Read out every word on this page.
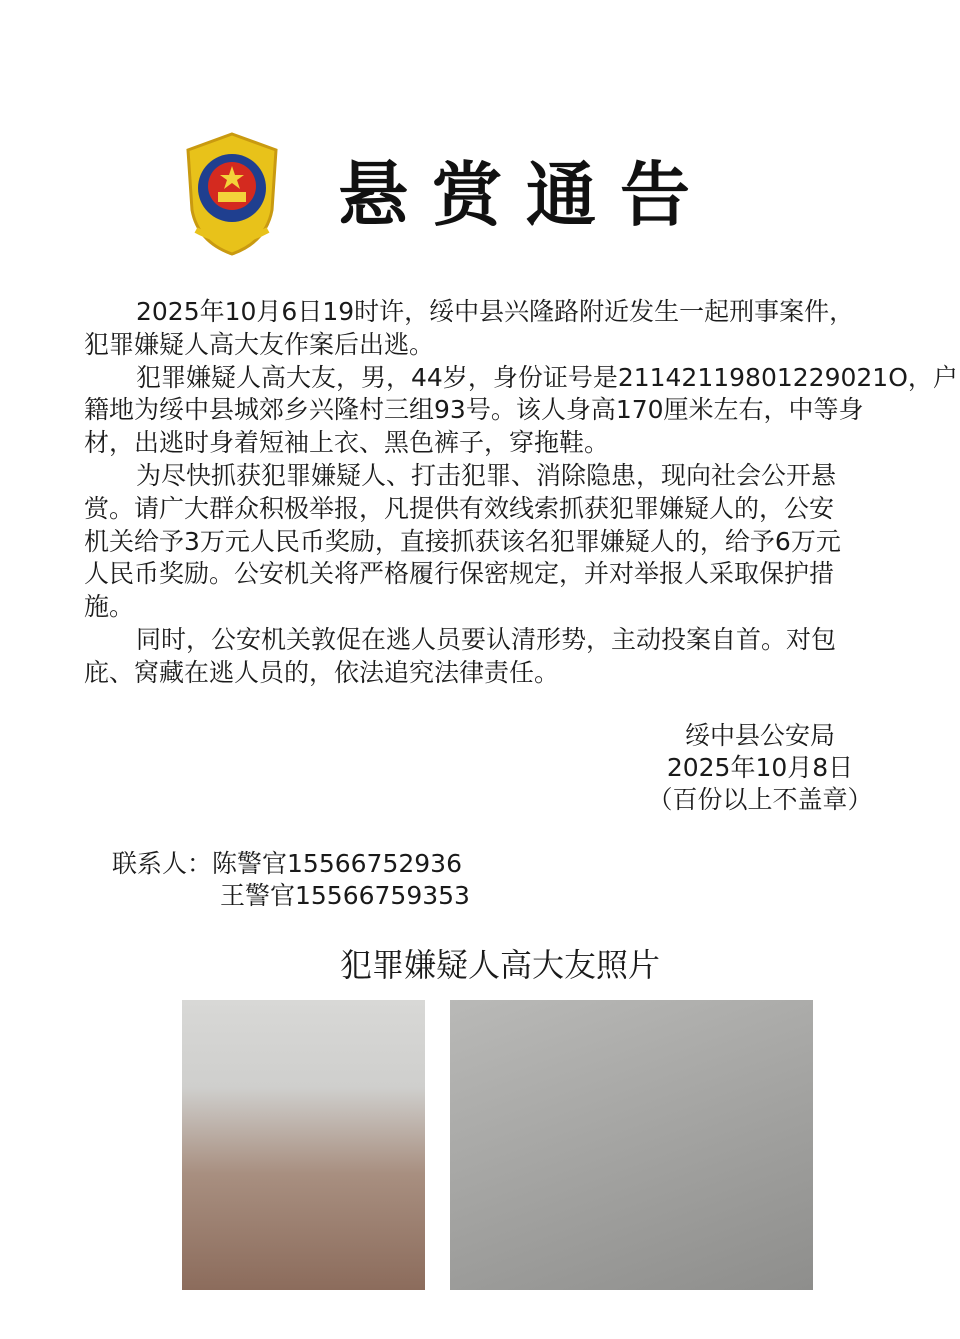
悬赏通告
2025年10月6日19时许，绥中县兴隆路附近发生一起刑事案件，
犯罪嫌疑人高大友作案后出逃。
犯罪嫌疑人高大友，男，44岁，身份证号是21142119801229021O，户
籍地为绥中县城郊乡兴隆村三组93号。该人身高170厘米左右，中等身
材，出逃时身着短袖上衣、黑色裤子，穿拖鞋。
为尽快抓获犯罪嫌疑人、打击犯罪、消除隐患，现向社会公开悬
赏。请广大群众积极举报，凡提供有效线索抓获犯罪嫌疑人的，公安
机关给予3万元人民币奖励，直接抓获该名犯罪嫌疑人的，给予6万元
人民币奖励。公安机关将严格履行保密规定，并对举报人采取保护措
施。
同时，公安机关敦促在逃人员要认清形势，主动投案自首。对包
庇、窝藏在逃人员的，依法追究法律责任。
绥中县公安局
2025年10月8日
（百份以上不盖章）
联系人：陈警官15566752936
王警官15566759353
犯罪嫌疑人高大友照片
